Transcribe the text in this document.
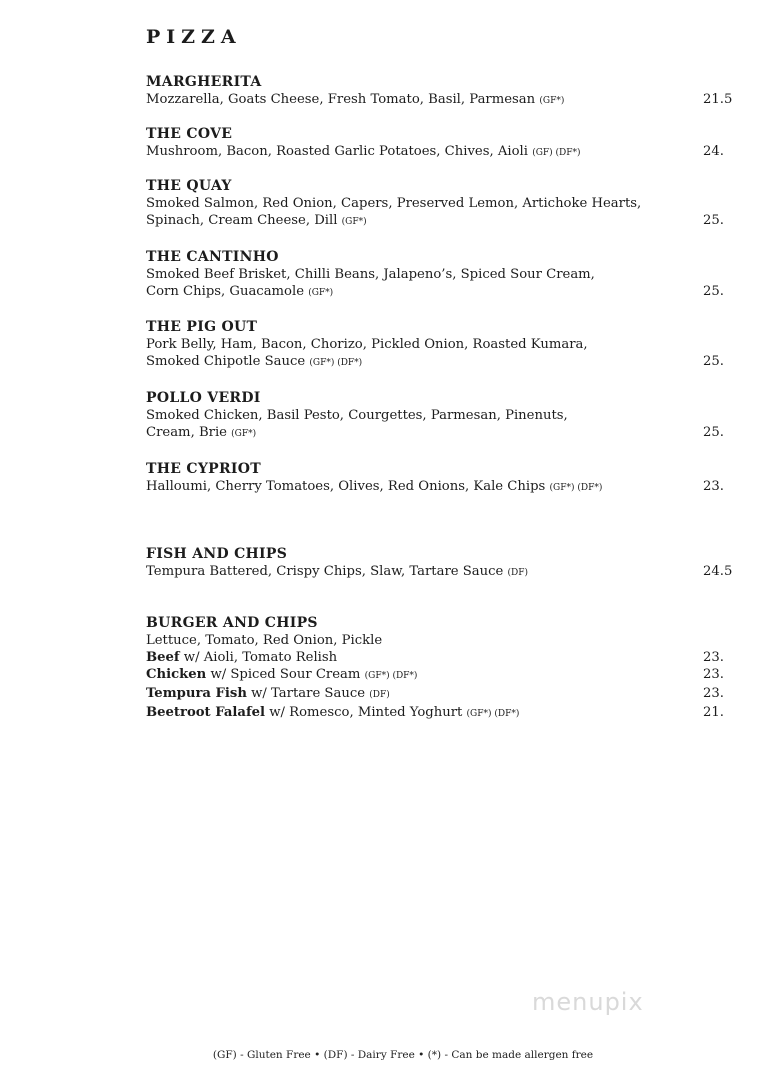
PIZZA
MARGHERITA
Mozzarella, Goats Cheese, Fresh Tomato, Basil, Parmesan (GF*)	21.5
THE COVE
Mushroom, Bacon, Roasted Garlic Potatoes, Chives, Aioli (GF) (DF*)	24.
THE QUAY
Smoked Salmon, Red Onion, Capers, Preserved Lemon, Artichoke Hearts,
Spinach, Cream Cheese, Dill (GF*)	25.
THE CANTINHO
Smoked Beef Brisket, Chilli Beans, Jalapeno’s, Spiced Sour Cream,
Corn Chips, Guacamole (GF*)	25.
THE PIG OUT
Pork Belly, Ham, Bacon, Chorizo, Pickled Onion, Roasted Kumara,
Smoked Chipotle Sauce (GF*) (DF*)	25.
POLLO VERDI
Smoked Chicken, Basil Pesto, Courgettes, Parmesan, Pinenuts,
Cream, Brie (GF*)	25.
THE CYPRIOT
Halloumi, Cherry Tomatoes, Olives, Red Onions, Kale Chips (GF*) (DF*)	23.
FISH AND CHIPS
Tempura Battered, Crispy Chips, Slaw, Tartare Sauce (DF)	24.5
BURGER AND CHIPS
Lettuce, Tomato, Red Onion, Pickle
Beef w/ Aioli, Tomato Relish	23.
Chicken w/ Spiced Sour Cream (GF*) (DF*)	23.
Tempura Fish w/ Tartare Sauce (DF)	23.
Beetroot Falafel w/ Romesco, Minted Yoghurt (GF*) (DF*)	21.
menupix
(GF) - Gluten Free • (DF) - Dairy Free • (*) - Can be made allergen free
